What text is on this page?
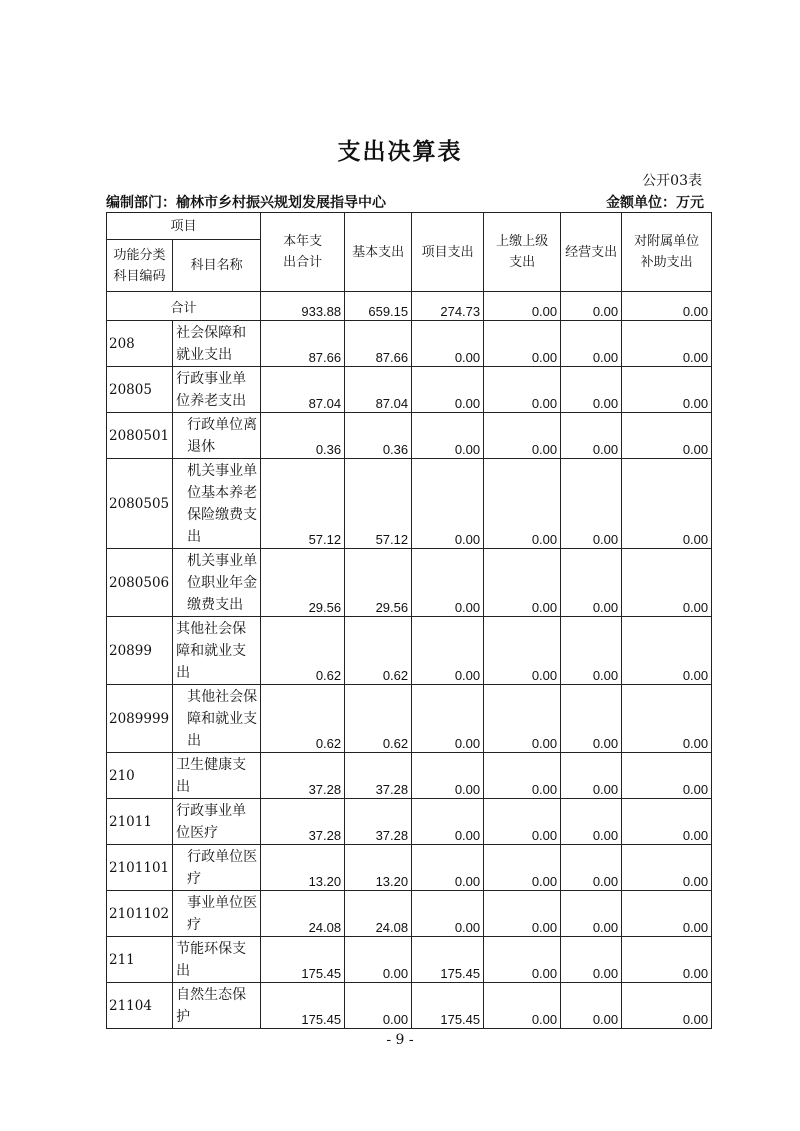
支出决算表
公开03表
编制部门：榆林市乡村振兴规划发展指导中心	金额单位：万元
项目		本年支出合计	基本支出	项目支出	上缴上级支出	经营支出	对附属单位补助支出

功能分类科目编码	科目名称						
合计		933.88	659.15	274.73	0.00	0.00	0.00
208	社会保障和就业支出	87.66	87.66	0.00	0.00	0.00	0.00
20805	行政事业单位养老支出	87.04	87.04	0.00	0.00	0.00	0.00
2080501	行政单位离退休	0.36	0.36	0.00	0.00	0.00	0.00
2080505	机关事业单位基本养老保险缴费支出	57.12	57.12	0.00	0.00	0.00	0.00
2080506	机关事业单位职业年金缴费支出	29.56	29.56	0.00	0.00	0.00	0.00
20899	其他社会保障和就业支出	0.62	0.62	0.00	0.00	0.00	0.00
2089999	其他社会保障和就业支出	0.62	0.62	0.00	0.00	0.00	0.00
210	卫生健康支出	37.28	37.28	0.00	0.00	0.00	0.00
21011	行政事业单位医疗	37.28	37.28	0.00	0.00	0.00	0.00
2101101	行政单位医疗	13.20	13.20	0.00	0.00	0.00	0.00
2101102	事业单位医疗	24.08	24.08	0.00	0.00	0.00	0.00
211	节能环保支出	175.45	0.00	175.45	0.00	0.00	0.00
21104	自然生态保护	175.45	0.00	175.45	0.00	0.00	0.00
- 9 -
